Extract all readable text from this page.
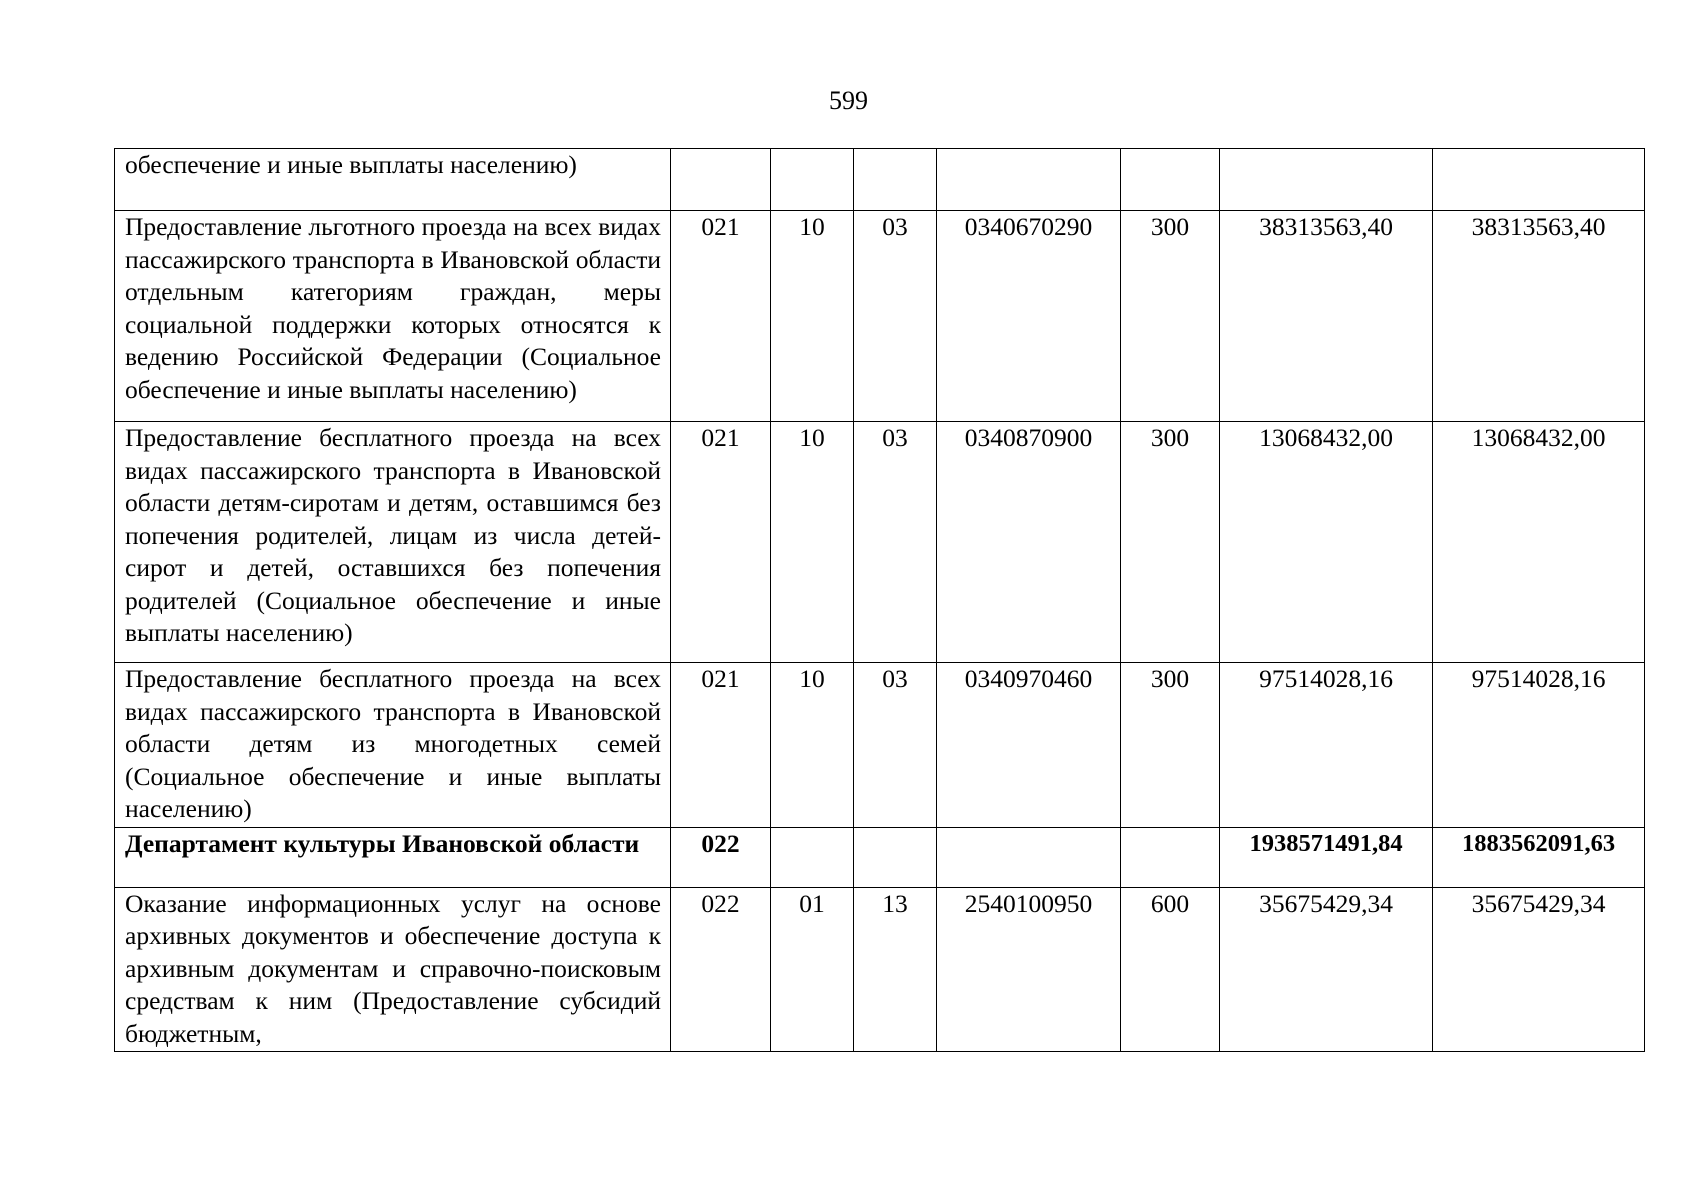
599
обеспечение и иные выплаты населению)							
Предоставление льготного проезда на всех видах пассажирского транспорта в Ивановской области отдельным категориям граждан, меры социальной поддержки которых относятся к ведению Российской Федерации (Социальное обеспечение и иные выплаты населению)	021	10	03	0340670290	300	38313563,40	38313563,40
Предоставление бесплатного проезда на всех видах пассажирского транспорта в Ивановской области детям-сиротам и детям, оставшимся без попечения родителей, лицам из числа детей-сирот и детей, оставшихся без попечения родителей (Социальное обеспечение и иные выплаты населению)	021	10	03	0340870900	300	13068432,00	13068432,00
Предоставление бесплатного проезда на всех видах пассажирского транспорта в Ивановской области детям из многодетных семей (Социальное обеспечение и иные выплаты населению)	021	10	03	0340970460	300	97514028,16	97514028,16
Департамент культуры Ивановской области	022					1938571491,84	1883562091,63
Оказание информационных услуг на основе архивных документов и обеспечение доступа к архивным документам и справочно-поисковым средствам к ним (Предоставление субсидий бюджетным,	022	01	13	2540100950	600	35675429,34	35675429,34
